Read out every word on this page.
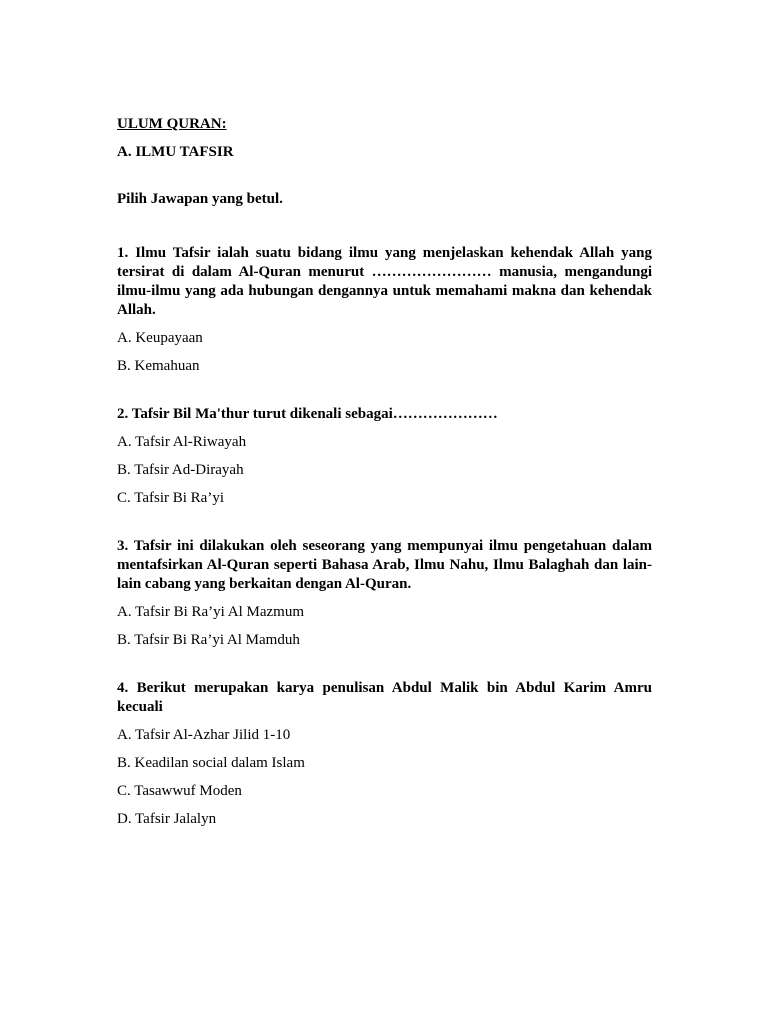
ULUM QURAN:

A. ILMU TAFSIR

Pilih Jawapan yang betul.

1. Ilmu Tafsir ialah suatu bidang ilmu yang menjelaskan kehendak Allah yang tersirat di dalam Al-Quran menurut …………………… manusia, mengandungi ilmu-ilmu yang ada hubungan dengannya untuk memahami makna dan kehendak Allah.

A. Keupayaan

B. Kemahuan

2. Tafsir Bil Ma'thur turut dikenali sebagai…………………

A. Tafsir Al-Riwayah

B. Tafsir Ad-Dirayah

C. Tafsir Bi Ra’yi

3. Tafsir ini dilakukan oleh seseorang yang mempunyai ilmu pengetahuan dalam mentafsirkan Al-Quran seperti Bahasa Arab, Ilmu Nahu, Ilmu Balaghah dan lain-lain cabang yang berkaitan dengan Al-Quran.

A. Tafsir Bi Ra’yi Al Mazmum

B. Tafsir Bi Ra’yi Al Mamduh

4. Berikut merupakan karya penulisan Abdul Malik bin Abdul Karim Amru kecuali

A. Tafsir Al-Azhar Jilid 1-10

B. Keadilan social dalam Islam

C. Tasawwuf Moden

D. Tafsir Jalalyn
